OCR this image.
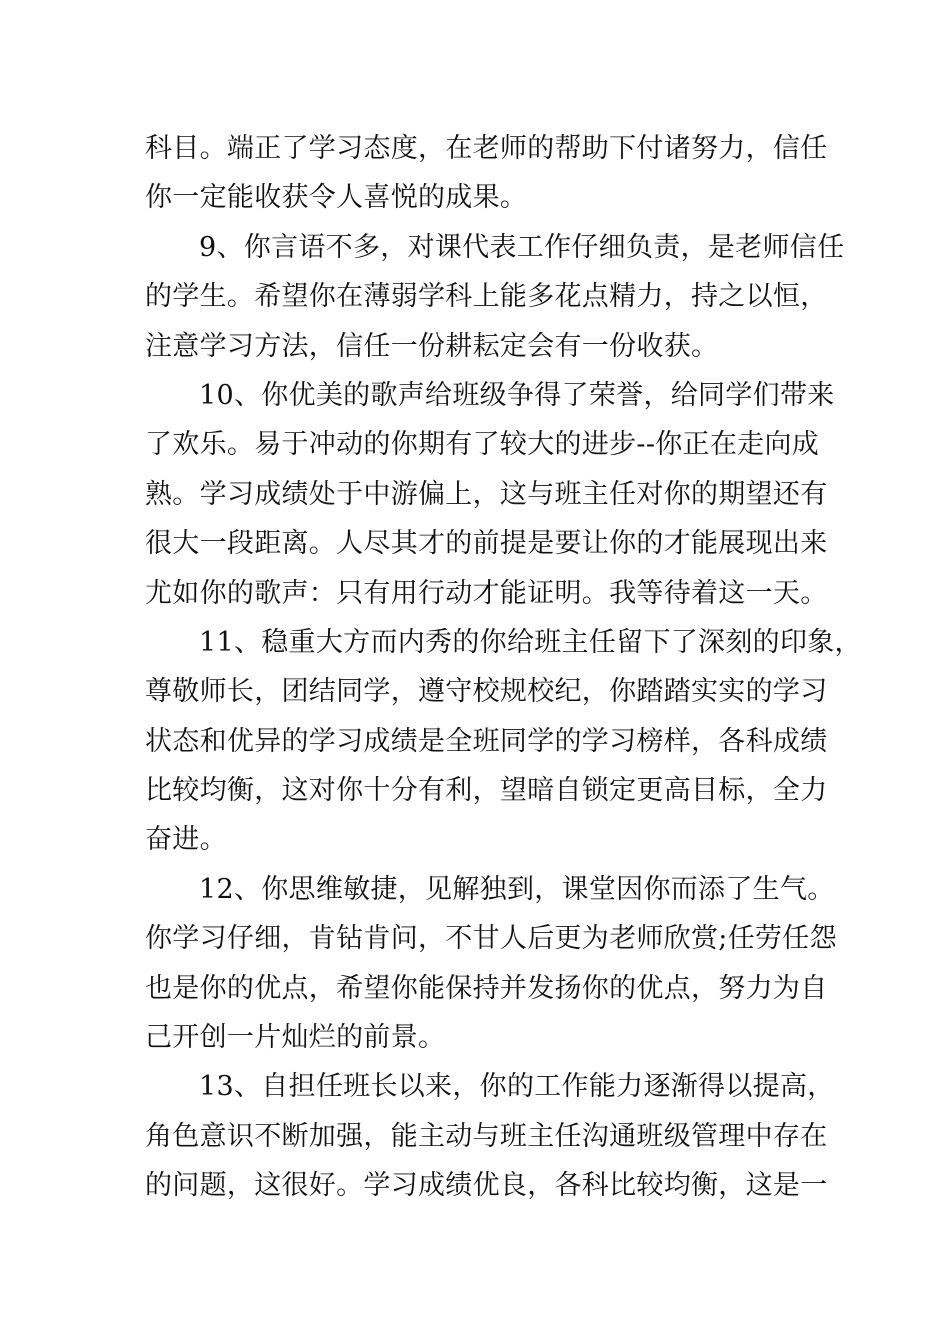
科目。端正了学习态度，在老师的帮助下付诸努力，信任
你一定能收获令人喜悦的成果。
9、你言语不多，对课代表工作仔细负责，是老师信任
的学生。希望你在薄弱学科上能多花点精力，持之以恒，
注意学习方法，信任一份耕耘定会有一份收获。
10、你优美的歌声给班级争得了荣誉，给同学们带来
了欢乐。易于冲动的你期有了较大的进步--你正在走向成
熟。学习成绩处于中游偏上，这与班主任对你的期望还有
很大一段距离。人尽其才的前提是要让你的才能展现出来
尤如你的歌声：只有用行动才能证明。我等待着这一天。
11、稳重大方而内秀的你给班主任留下了深刻的印象，
尊敬师长，团结同学，遵守校规校纪，你踏踏实实的学习
状态和优异的学习成绩是全班同学的学习榜样，各科成绩
比较均衡，这对你十分有利，望暗自锁定更高目标，全力
奋进。
12、你思维敏捷，见解独到，课堂因你而添了生气。
你学习仔细，肯钻肯问，不甘人后更为老师欣赏;任劳任怨
也是你的优点，希望你能保持并发扬你的优点，努力为自
己开创一片灿烂的前景。
13、自担任班长以来，你的工作能力逐渐得以提高，
角色意识不断加强，能主动与班主任沟通班级管理中存在
的问题，这很好。学习成绩优良，各科比较均衡，这是一
